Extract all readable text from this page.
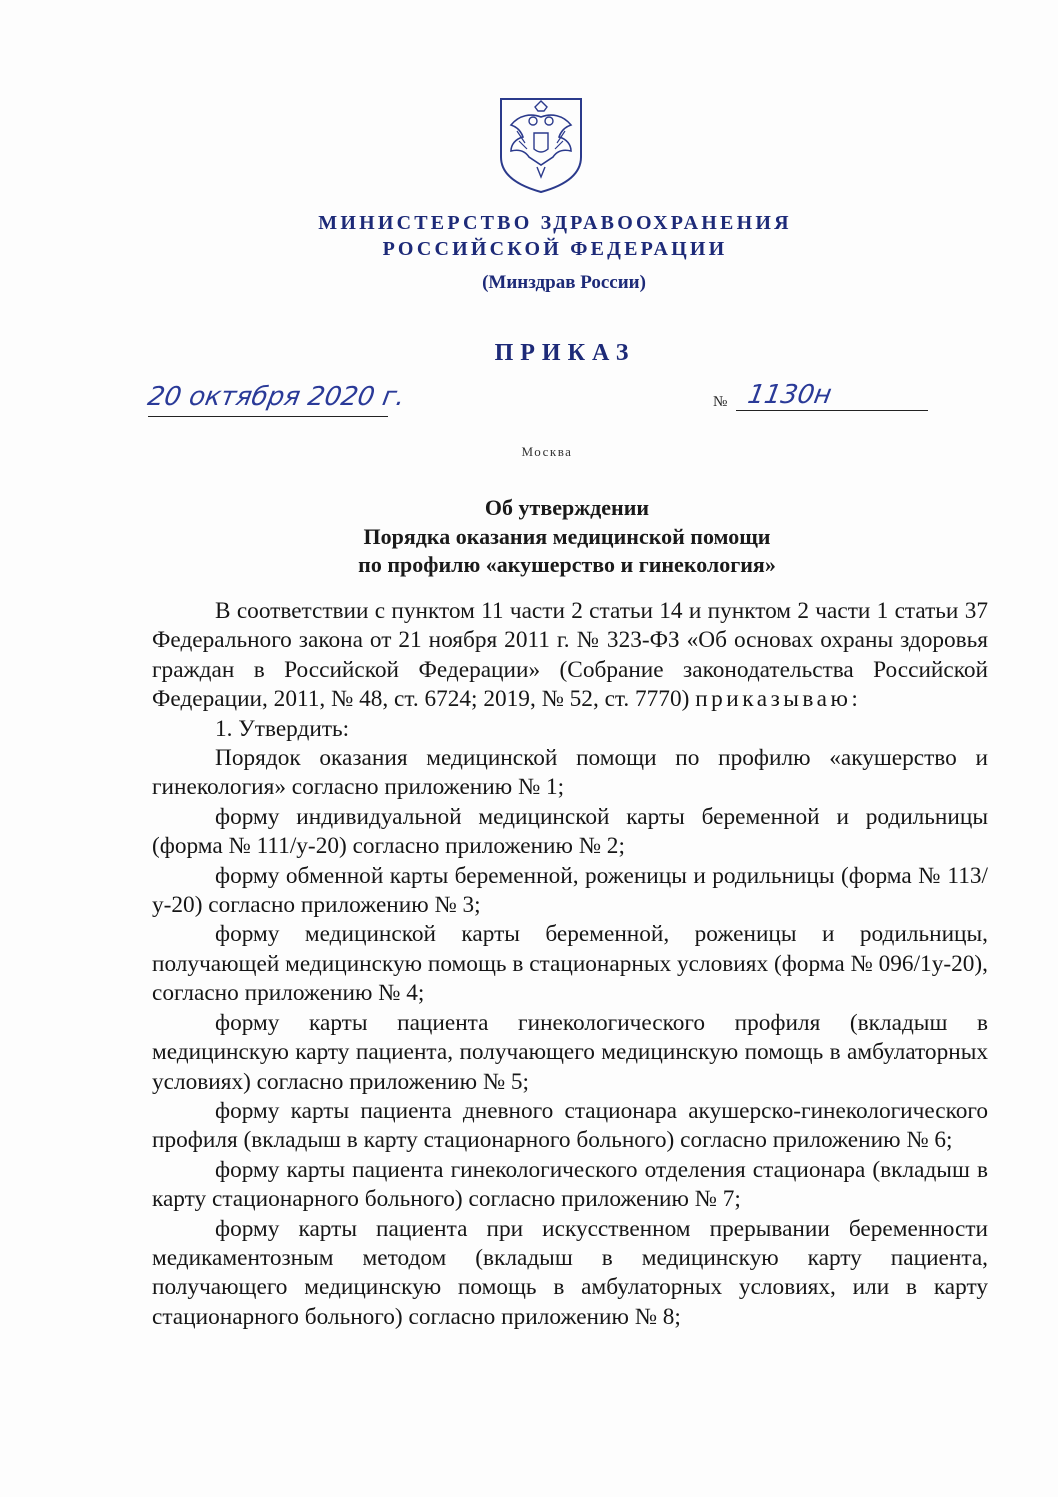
МИНИСТЕРСТВО ЗДРАВООХРАНЕНИЯ
РОССИЙСКОЙ ФЕДЕРАЦИИ
(Минздрав России)
ПРИКАЗ
20 октября 2020 г.	№ 1130н
Москва
Об утверждении
Порядка оказания медицинской помощи
по профилю «акушерство и гинекология»

В соответствии с пунктом 11 части 2 статьи 14 и пунктом 2 части 1 статьи 37 Федерального закона от 21 ноября 2011 г. № 323-ФЗ «Об основах охраны здоровья граждан в Российской Федерации» (Собрание законодательства Российской Федерации, 2011, № 48, ст. 6724; 2019, № 52, ст. 7770) приказываю:

1. Утвердить:

Порядок оказания медицинской помощи по профилю «акушерство и гинекология» согласно приложению № 1;

форму индивидуальной медицинской карты беременной и родильницы (форма № 111/у-20) согласно приложению № 2;

форму обменной карты беременной, роженицы и родильницы (форма № 113/у-20) согласно приложению № 3;

форму медицинской карты беременной, роженицы и родильницы, получающей медицинскую помощь в стационарных условиях (форма № 096/1у-20), согласно приложению № 4;

форму карты пациента гинекологического профиля (вкладыш в медицинскую карту пациента, получающего медицинскую помощь в амбулаторных условиях) согласно приложению № 5;

форму карты пациента дневного стационара акушерско-гинекологического профиля (вкладыш в карту стационарного больного) согласно приложению № 6;

форму карты пациента гинекологического отделения стационара (вкладыш в карту стационарного больного) согласно приложению № 7;

форму карты пациента при искусственном прерывании беременности медикаментозным методом (вкладыш в медицинскую карту пациента, получающего медицинскую помощь в амбулаторных условиях, или в карту стационарного больного) согласно приложению № 8;
